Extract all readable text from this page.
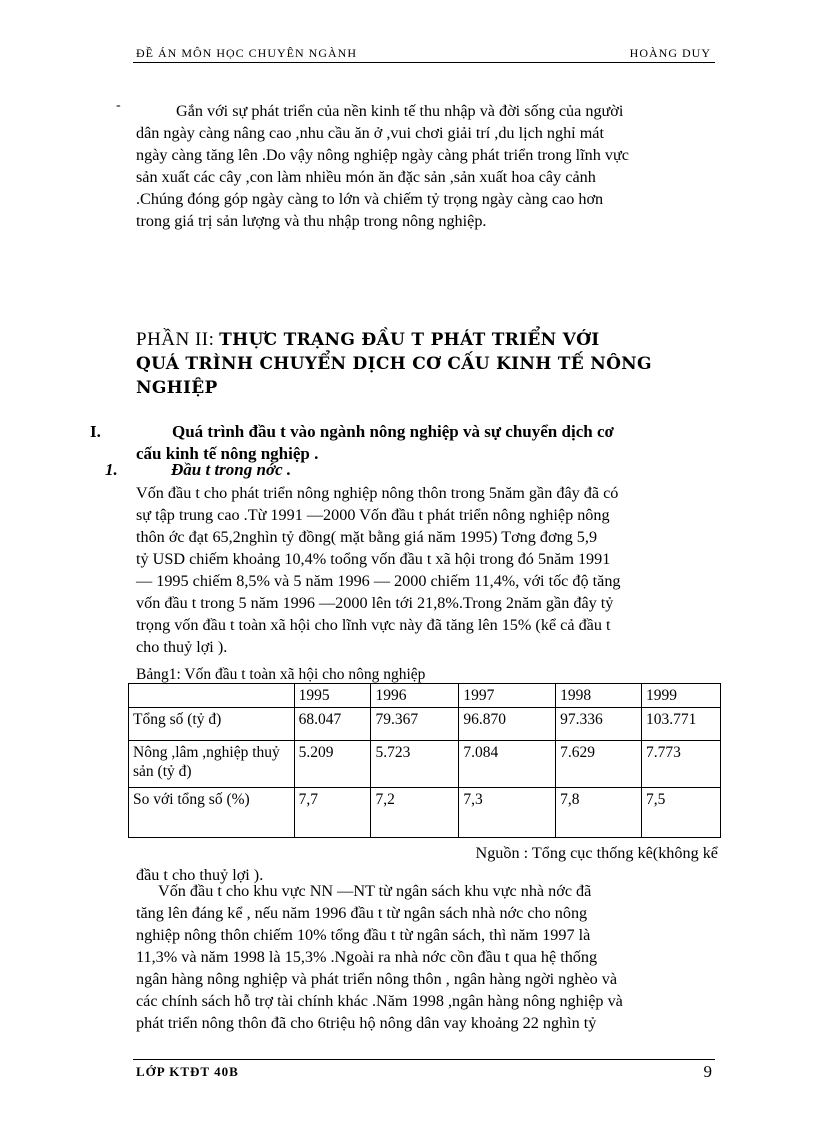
ĐỀ ÁN MÔN HỌC CHUYÊN NGÀNH	HOÀNG DUY
-	Gắn với sự phát triển của nền kinh tế thu nhập và đời sống của người
dân ngày càng nâng cao ,nhu cầu ăn ở ,vui chơi giải trí ,du lịch nghỉ mát
ngày càng tăng lên .Do vậy nông nghiệp ngày càng phát triển trong lĩnh vực
sản xuất các cây ,con làm nhiều món ăn đặc sản ,sản xuất hoa cây cảnh
.Chúng đóng góp ngày càng to lớn và chiếm tỷ trọng ngày càng cao hơn
trong giá trị sản lượng và thu nhập trong nông nghiệp.
PHẦN II: THỰC TRẠNG ĐẦU T PHÁT TRIỂN VỚI
QUÁ TRÌNH CHUYỂN DỊCH CƠ CẤU KINH TẾ NÔNG
NGHIỆP
I.	Quá trình đầu t vào ngành nông nghiệp và sự chuyển dịch cơ
cấu kinh tế nông nghiệp .
1.	Đầu t trong nớc .
Vốn đầu t cho phát triển nông nghiệp nông thôn trong 5năm gần đây đã có
sự tập trung cao .Từ 1991 —2000 Vốn đầu t phát triển nông nghiệp nông
thôn ớc đạt 65,2nghìn tỷ đồng( mặt bằng giá năm 1995) Tơng đơng 5,9
tỷ USD chiếm khoảng 10,4% toổng vốn đầu t xã hội trong đó 5năm 1991
— 1995 chiếm 8,5% và 5 năm 1996 — 2000 chiếm 11,4%, với tốc độ tăng
vốn đầu t trong 5 năm 1996 —2000 lên tới 21,8%.Trong 2năm gần đây tỷ
trọng vốn đầu t toàn xã hội cho lĩnh vực này đã tăng lên 15% (kể cả đầu t
cho thuỷ lợi ).
Bảng1: Vốn đầu t toàn xã hội cho nông nghiệp
	1995	1996	1997	1998	1999
Tổng số (tỷ đ)	68.047	79.367	96.870	97.336	103.771
Nông ,lâm ,nghiệp thuỷ sản (tỷ đ)	5.209	5.723	7.084	7.629	7.773
So với tổng số (%)	7,7	7,2	7,3	7,8	7,5
Nguồn : Tổng cục thống kê(không kể
đầu t cho thuỷ lợi ).
Vốn đầu t cho khu vực NN —NT từ ngân sách khu vực nhà nớc đã
tăng lên đáng kể , nếu năm 1996 đầu t từ ngân sách nhà nớc cho nông
nghiệp nông thôn chiếm 10% tổng đầu t từ ngân sách, thì năm 1997 là
11,3% và năm 1998 là 15,3% .Ngoài ra nhà nớc cồn đầu t qua hệ thống
ngân hàng nông nghiệp và phát triển nông thôn , ngân hàng ngời nghèo và
các chính sách hỗ trợ tài chính khác .Năm 1998 ,ngân hàng nông nghiệp và
phát triển nông thôn đã cho 6triệu hộ nông dân vay khoảng 22 nghìn tỷ
LỚP KTĐT 40B	9
